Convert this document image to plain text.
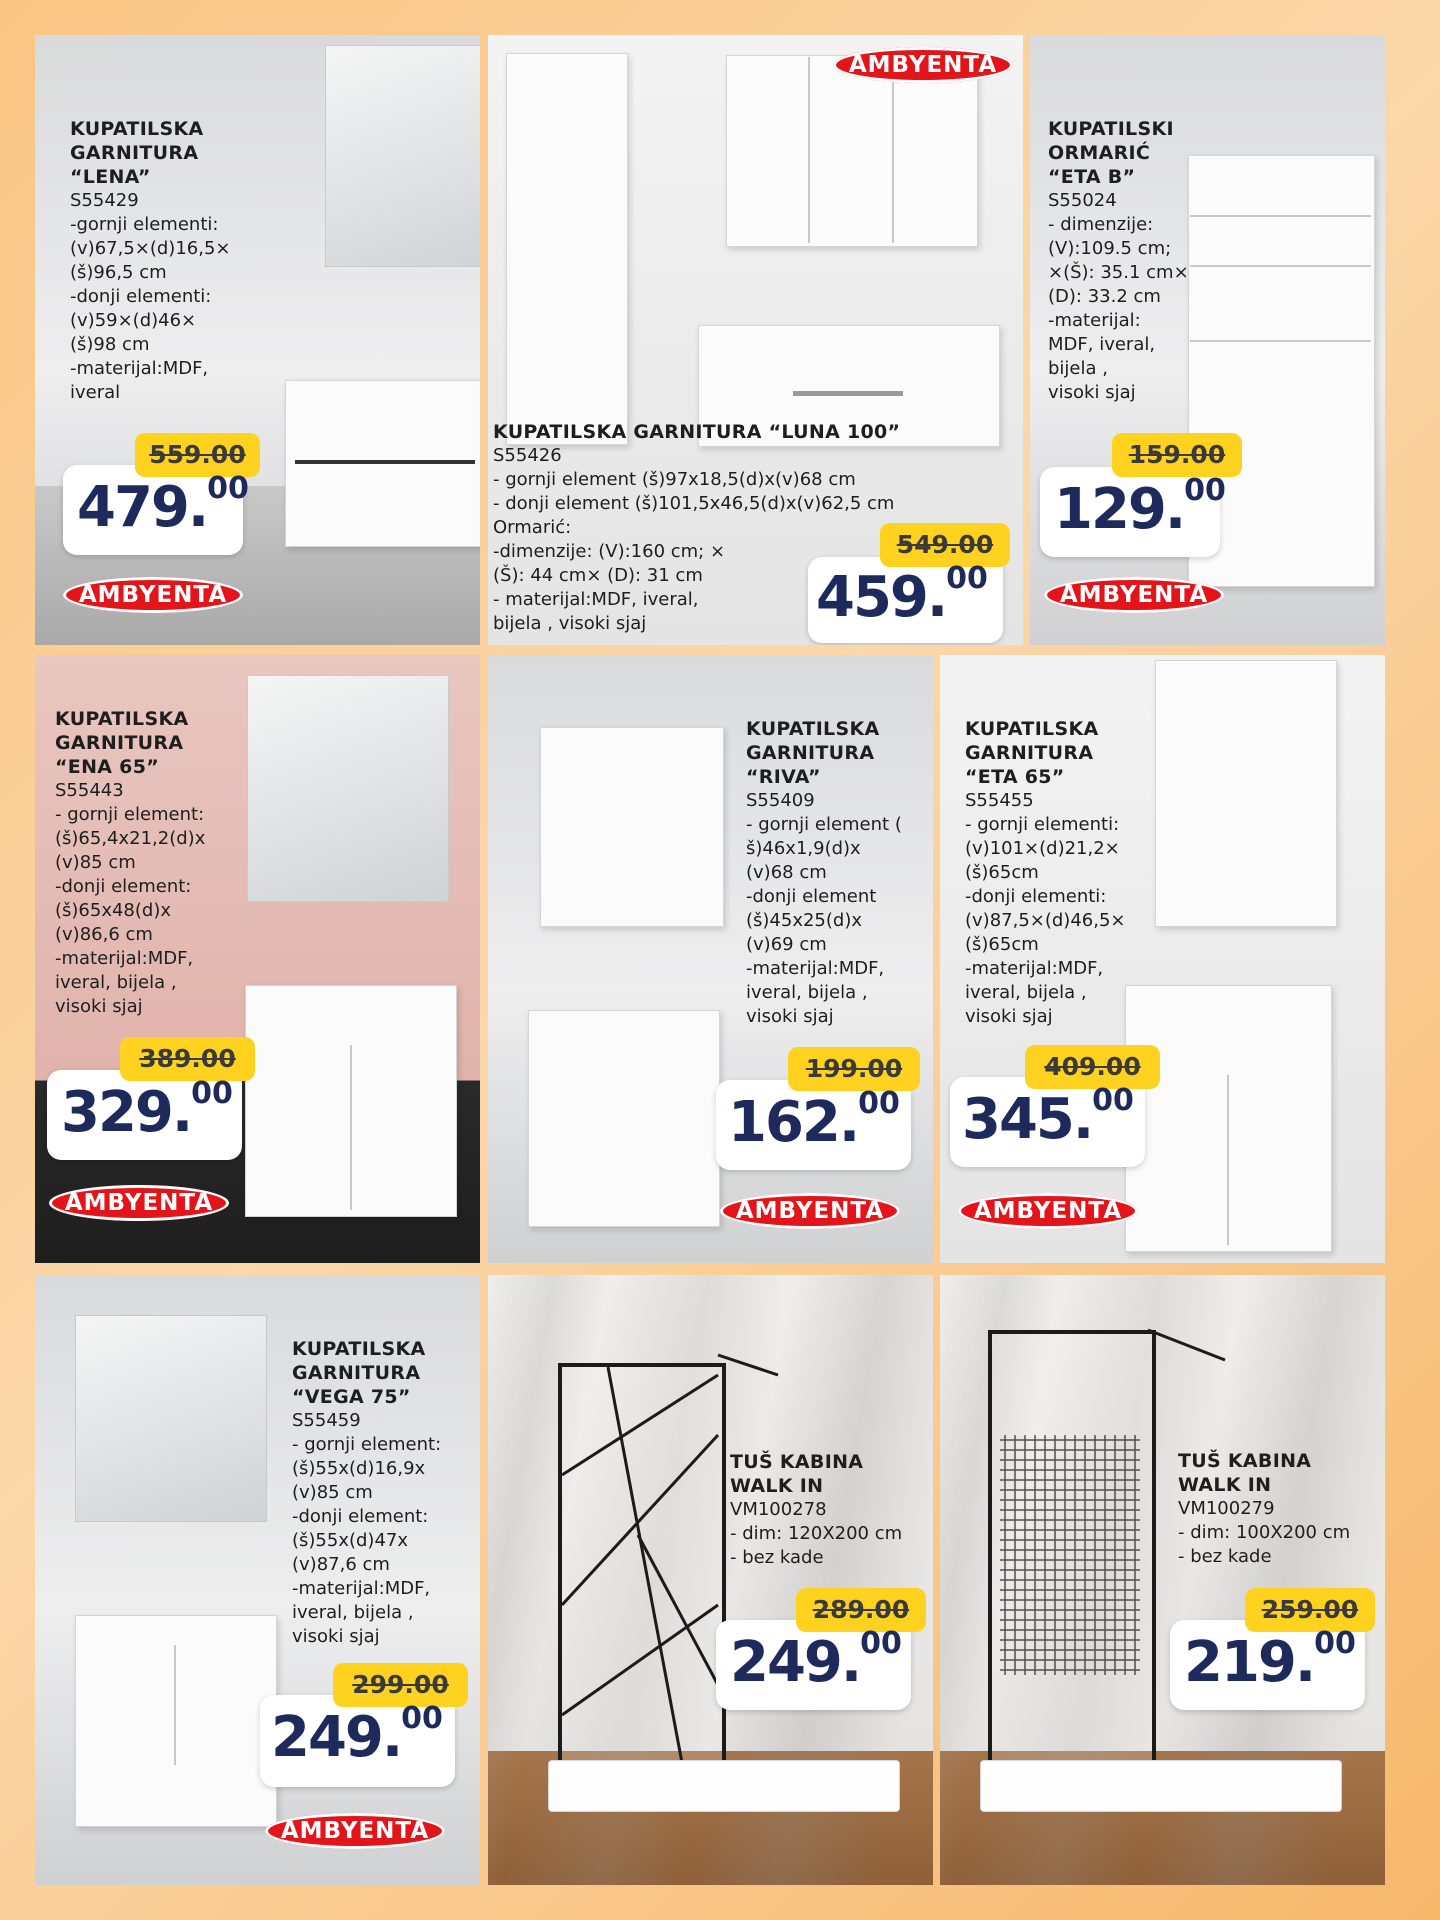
KUPATILSKA
GARNITURA
“LENA”
S55429
-gornji elementi:
(v)67,5×(d)16,5×
(š)96,5 cm
-donji elementi:
(v)59×(d)46×
(š)98 cm
-materijal:MDF,
iveral
559.00
479.00
AMBYENTA
AMBYENTA
KUPATILSKA GARNITURA “LUNA 100”
S55426
- gornji element (š)97x18,5(d)x(v)68 cm
- donji element (š)101,5x46,5(d)x(v)62,5 cm
Ormarić:
-dimenzije: (V):160 cm; ×
(Š): 44 cm× (D): 31 cm
- materijal:MDF, iveral,
bijela , visoki sjaj
549.00
459.00
KUPATILSKI
ORMARIĆ
“ETA B”
S55024
- dimenzije:
(V):109.5 cm;
×(Š): 35.1 cm×
(D): 33.2 cm
-materijal:
MDF, iveral,
bijela ,
visoki sjaj
159.00
129.00
AMBYENTA
KUPATILSKA
GARNITURA
“ENA 65”
S55443
- gornji element:
(š)65,4x21,2(d)x
(v)85 cm
-donji element:
(š)65x48(d)x
(v)86,6 cm
-materijal:MDF,
iveral, bijela ,
visoki sjaj
389.00
329.00
AMBYENTA
KUPATILSKA
GARNITURA
“RIVA”
S55409
- gornji element (
š)46x1,9(d)x
(v)68 cm
-donji element
(š)45x25(d)x
(v)69 cm
-materijal:MDF,
iveral, bijela ,
visoki sjaj
199.00
162.00
AMBYENTA
KUPATILSKA
GARNITURA
“ETA 65”
S55455
- gornji elementi:
(v)101×(d)21,2×
(š)65cm
-donji elementi:
(v)87,5×(d)46,5×
(š)65cm
-materijal:MDF,
iveral, bijela ,
visoki sjaj
409.00
345.00
AMBYENTA
KUPATILSKA
GARNITURA
“VEGA 75”
S55459
- gornji element:
(š)55x(d)16,9x
(v)85 cm
-donji element:
(š)55x(d)47x
(v)87,6 cm
-materijal:MDF,
iveral, bijela ,
visoki sjaj
299.00
249.00
AMBYENTA
TUŠ KABINA
WALK IN
VM100278
- dim: 120X200 cm
- bez kade
289.00
249.00
TUŠ KABINA
WALK IN
VM100279
- dim: 100X200 cm
- bez kade
259.00
219.00
